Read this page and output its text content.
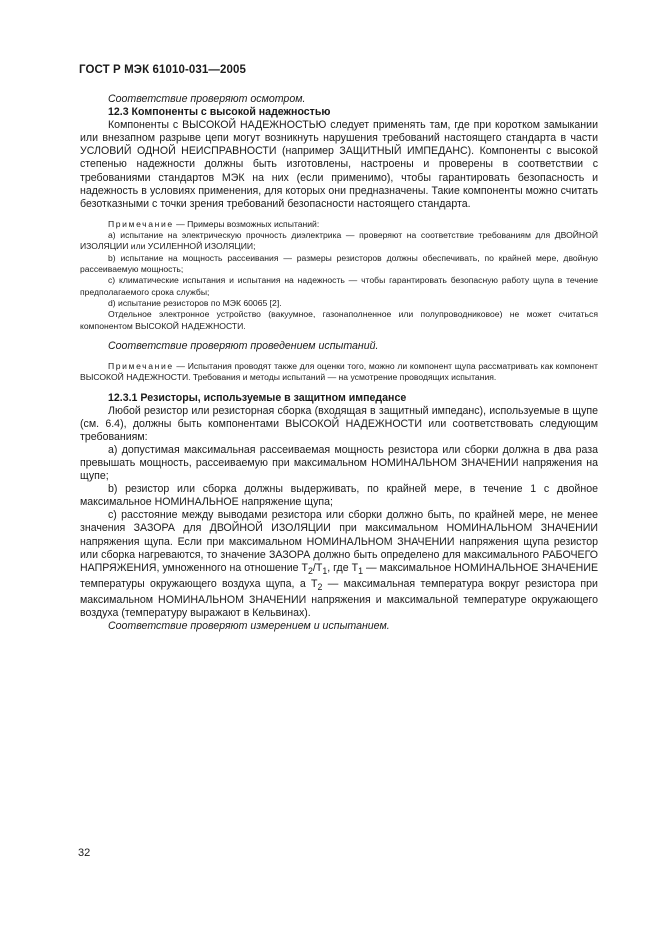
ГОСТ Р МЭК 61010-031—2005

Соответствие проверяют осмотром.

12.3 Компоненты с высокой надежностью

Компоненты с ВЫСОКОЙ НАДЕЖНОСТЬЮ следует применять там, где при коротком замыкании или внезапном разрыве цепи могут возникнуть нарушения требований настоящего стандарта в части УСЛОВИЙ ОДНОЙ НЕИСПРАВНОСТИ (например ЗАЩИТНЫЙ ИМПЕДАНС). Компоненты с высокой степенью надежности должны быть изготовлены, настроены и проверены в соответствии с требованиями стандартов МЭК на них (если применимо), чтобы гарантировать безопасность и надежность в условиях применения, для которых они предназначены. Такие компоненты можно считать безотказными с точки зрения требований безопасности настоящего стандарта.

Примечание — Примеры возможных испытаний:

a) испытание на электрическую прочность диэлектрика — проверяют на соответствие требованиям для ДВОЙНОЙ ИЗОЛЯЦИИ или УСИЛЕННОЙ ИЗОЛЯЦИИ;

b) испытание на мощность рассеивания — размеры резисторов должны обеспечивать, по крайней мере, двойную рассеиваемую мощность;

c) климатические испытания и испытания на надежность — чтобы гарантировать безопасную работу щупа в течение предполагаемого срока службы;

d) испытание резисторов по МЭК 60065 [2].

Отдельное электронное устройство (вакуумное, газонаполненное или полупроводниковое) не может считаться компонентом ВЫСОКОЙ НАДЕЖНОСТИ.

Соответствие проверяют проведением испытаний.

Примечание — Испытания проводят также для оценки того, можно ли компонент щупа рассматривать как компонент ВЫСОКОЙ НАДЕЖНОСТИ. Требования и методы испытаний — на усмотрение проводящих испытания.

12.3.1 Резисторы, используемые в защитном импедансе

Любой резистор или резисторная сборка (входящая в защитный импеданс), используемые в щупе (см. 6.4), должны быть компонентами ВЫСОКОЙ НАДЕЖНОСТИ или соответствовать следующим требованиям:

a) допустимая максимальная рассеиваемая мощность резистора или сборки должна в два раза превышать мощность, рассеиваемую при максимальном НОМИНАЛЬНОМ ЗНАЧЕНИИ напряжения на щупе;

b) резистор или сборка должны выдерживать, по крайней мере, в течение 1 с двойное максимальное НОМИНАЛЬНОЕ напряжение щупа;

c) расстояние между выводами резистора или сборки должно быть, по крайней мере, не менее значения ЗАЗОРА для ДВОЙНОЙ ИЗОЛЯЦИИ при максимальном НОМИНАЛЬНОМ ЗНАЧЕНИИ напряжения щупа. Если при максимальном НОМИНАЛЬНОМ ЗНАЧЕНИИ напряжения щупа резистор или сборка нагреваются, то значение ЗАЗОРА должно быть определено для максимального РАБОЧЕГО НАПРЯЖЕНИЯ, умноженного на отношение $T_2/T_1$, где $T_1$ — максимальное НОМИНАЛЬНОЕ ЗНАЧЕНИЕ температуры окружающего воздуха щупа, а $T_2$ — максимальная температура вокруг резистора при максимальном НОМИНАЛЬНОМ ЗНАЧЕНИИ напряжения и максимальной температуре окружающего воздуха (температуру выражают в Кельвинах).

Соответствие проверяют измерением и испытанием.

32
